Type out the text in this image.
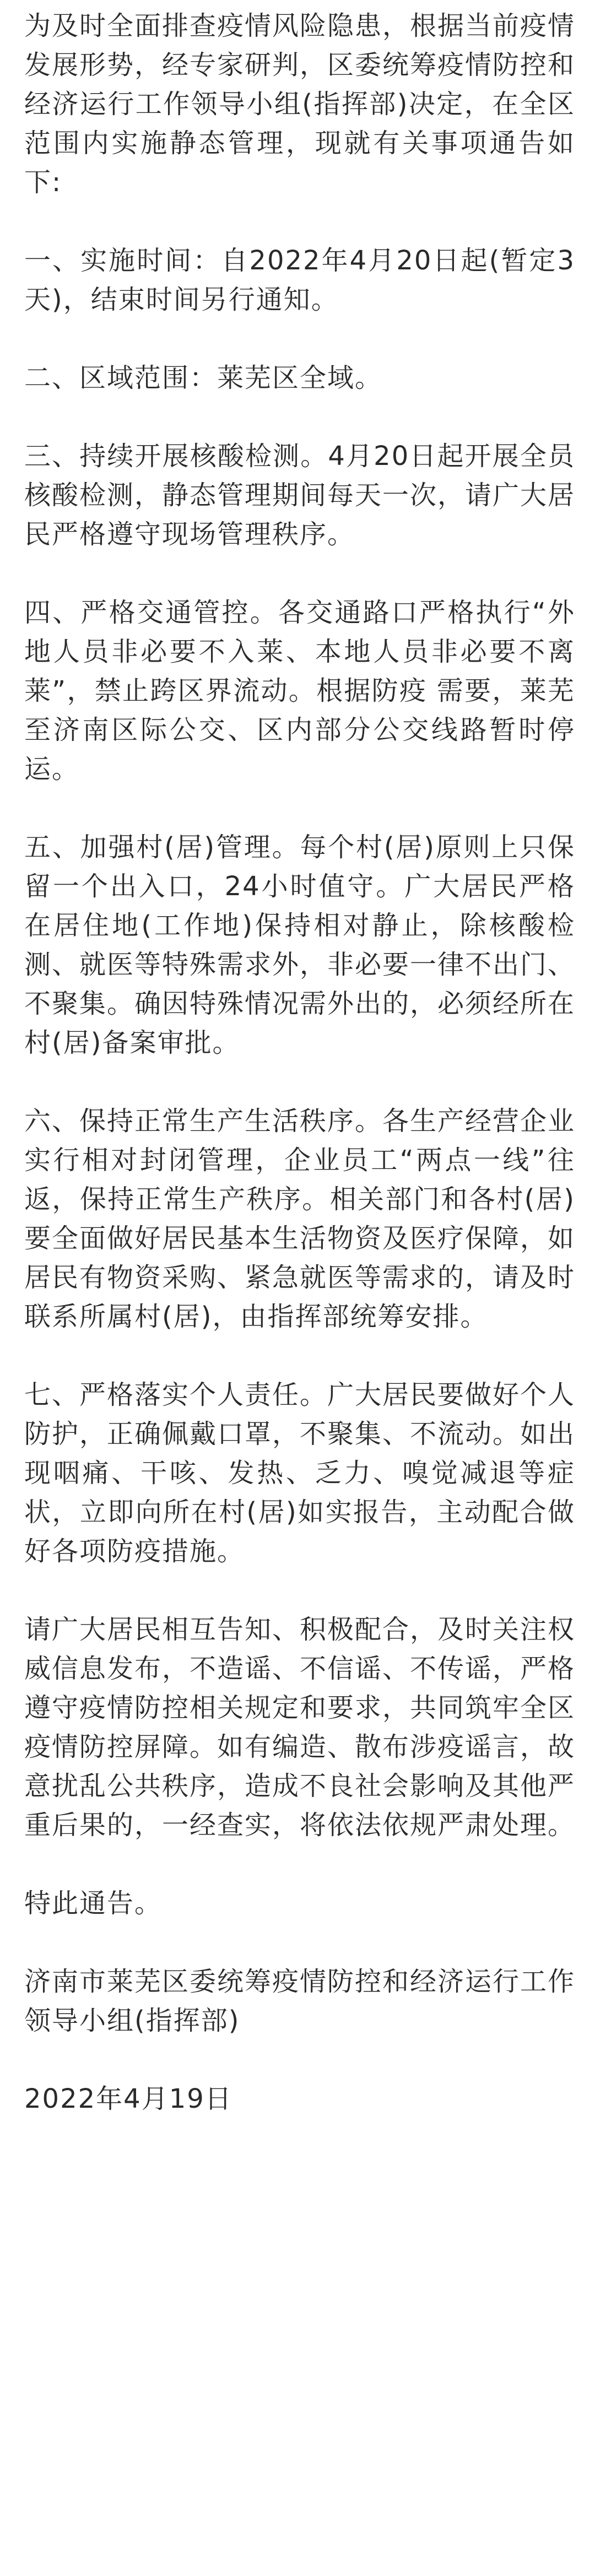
为及时全面排查疫情风险隐患，根据当前疫情发展形势，经专家研判，区委统筹疫情防控和经济运行工作领导小组(指挥部)决定，在全区范围内实施静态管理，现就有关事项通告如下:

一、实施时间：自2022年4月20日起(暂定3天)，结束时间另行通知。

二、区域范围：莱芜区全域。

三、持续开展核酸检测。4月20日起开展全员核酸检测，静态管理期间每天一次，请广大居民严格遵守现场管理秩序。

四、严格交通管控。各交通路口严格执行“外地人员非必要不入莱、本地人员非必要不离莱”，禁止跨区界流动。根据防疫 需要，莱芜至济南区际公交、区内部分公交线路暂时停运。

五、加强村(居)管理。每个村(居)原则上只保留一个出入口，24小时值守。广大居民严格在居住地(工作地)保持相对静止，除核酸检测、就医等特殊需求外，非必要一律不出门、不聚集。确因特殊情况需外出的，必须经所在村(居)备案审批。

六、保持正常生产生活秩序。各生产经营企业实行相对封闭管理，企业员工“两点一线”往返，保持正常生产秩序。相关部门和各村(居)要全面做好居民基本生活物资及医疗保障，如居民有物资采购、紧急就医等需求的，请及时联系所属村(居)，由指挥部统筹安排。

七、严格落实个人责任。广大居民要做好个人防护，正确佩戴口罩，不聚集、不流动。如出现咽痛、干咳、发热、乏力、嗅觉减退等症状，立即向所在村(居)如实报告，主动配合做好各项防疫措施。

请广大居民相互告知、积极配合，及时关注权威信息发布，不造谣、不信谣、不传谣，严格遵守疫情防控相关规定和要求，共同筑牢全区疫情防控屏障。如有编造、散布涉疫谣言，故意扰乱公共秩序，造成不良社会影响及其他严重后果的，一经查实，将依法依规严肃处理。

特此通告。

济南市莱芜区委统筹疫情防控和经济运行工作领导小组(指挥部)

2022年4月19日
